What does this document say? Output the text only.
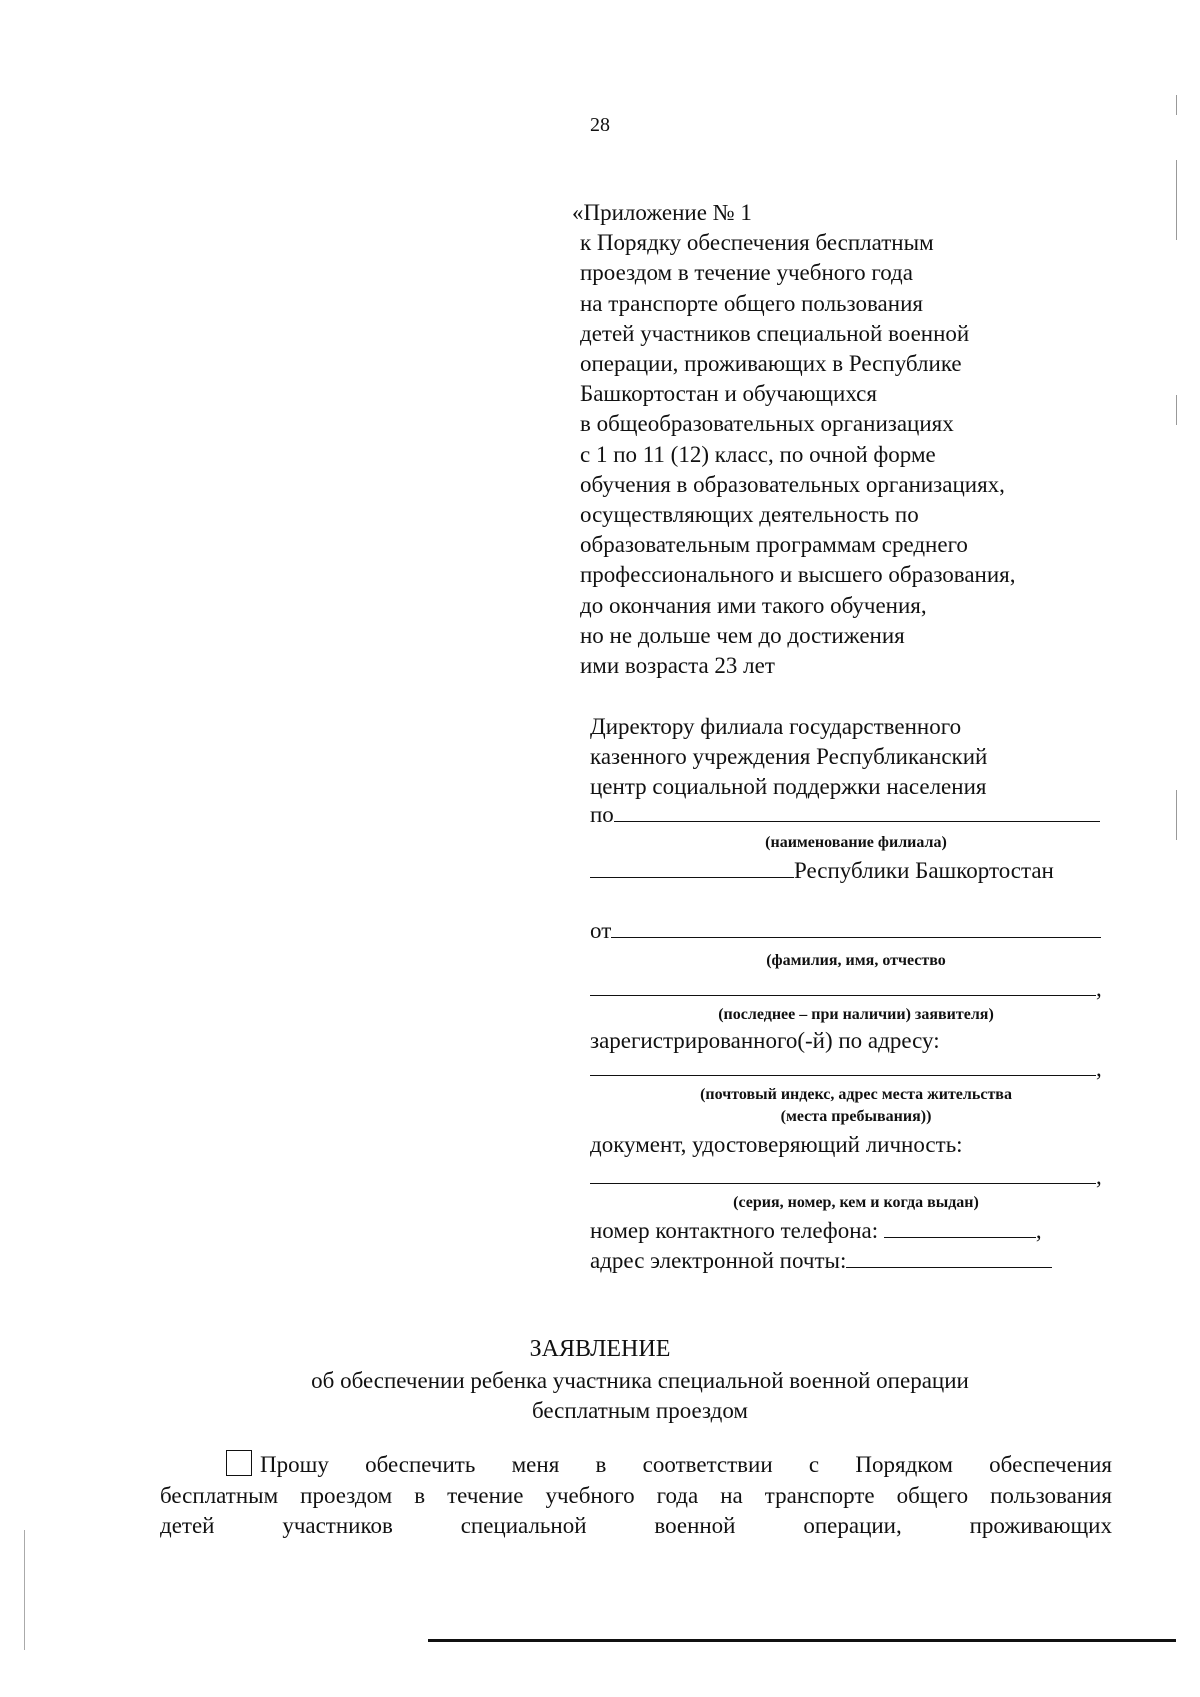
28
«Приложение № 1
к Порядку обеспечения бесплатным
проездом в течение учебного года
на транспорте общего пользования
детей участников специальной военной
операции, проживающих в Республике
Башкортостан и обучающихся
в общеобразовательных организациях
с 1 по 11 (12) класс, по очной форме
обучения в образовательных организациях,
осуществляющих деятельность по
образовательным программам среднего
профессионального и высшего образования,
до окончания ими такого обучения,
но не дольше чем до достижения
ими возраста 23 лет
Директору филиала государственного
казенного учреждения Республиканский
центр социальной поддержки населения
по
(наименование филиала)
Республики Башкортостан
от
(фамилия, имя, отчество
,
(последнее – при наличии) заявителя)
зарегистрированного(-й) по адресу:
,
(почтовый индекс, адрес места жительства
(места пребывания))
документ, удостоверяющий личность:
,
(серия, номер, кем и когда выдан)
номер контактного телефона:	,
адрес электронной почты:
ЗАЯВЛЕНИЕ
об обеспечении ребенка участника специальной военной операции
бесплатным проездом
Прошу обеспечить меня в соответствии с Порядком обеспечения
бесплатным проездом в течение учебного года на транспорте общего пользования
детей участников специальной военной операции, проживающих
